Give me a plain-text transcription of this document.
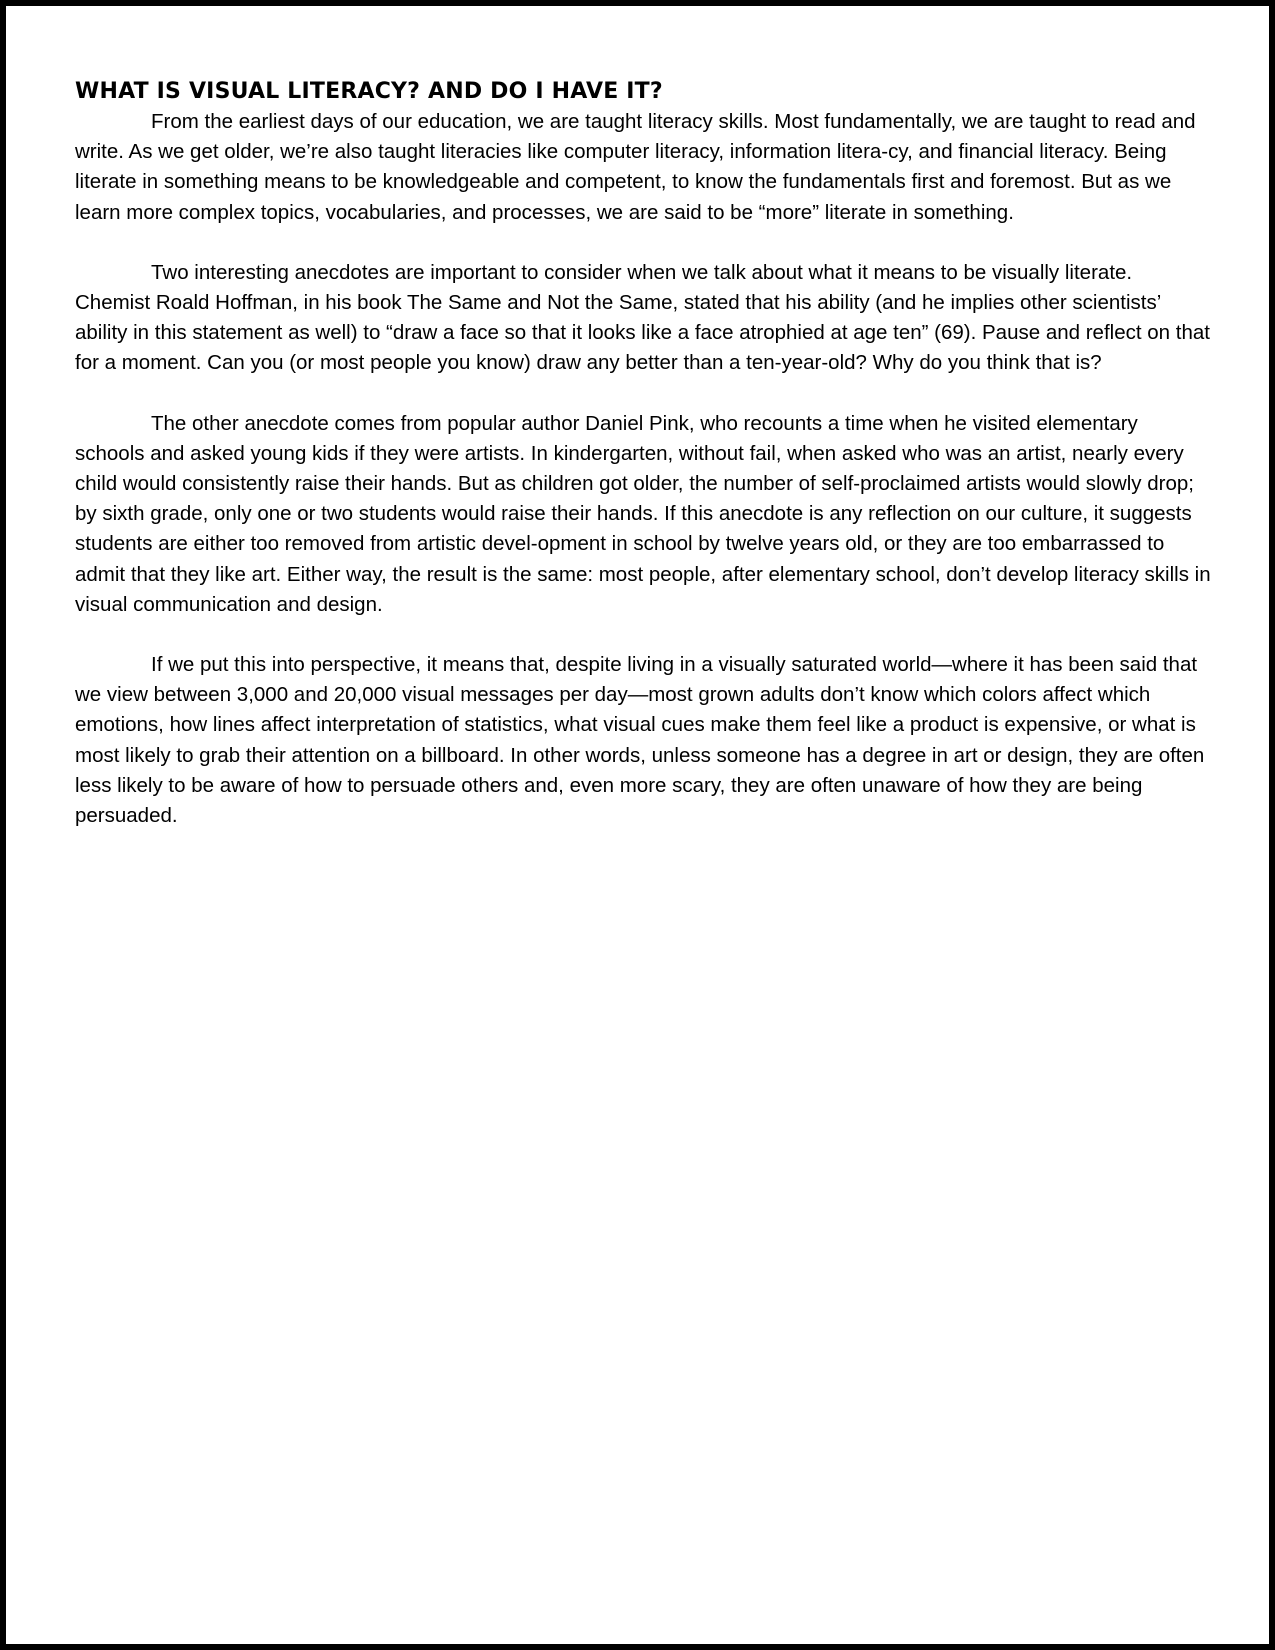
WHAT IS VISUAL LITERACY? AND DO I HAVE IT?

From the earliest days of our education, we are taught literacy skills. Most fundamentally, we are taught to read and write. As we get older, we’re also taught literacies like computer literacy, information litera-cy, and financial literacy. Being literate in something means to be knowledgeable and competent, to know the fundamentals first and foremost. But as we learn more complex topics, vocabularies, and processes, we are said to be “more” literate in something.

Two interesting anecdotes are important to consider when we talk about what it means to be visually literate. Chemist Roald Hoffman, in his book The Same and Not the Same, stated that his ability (and he implies other scientists’ ability in this statement as well) to “draw a face so that it looks like a face atrophied at age ten” (69). Pause and reflect on that for a moment. Can you (or most people you know) draw any better than a ten-year-old? Why do you think that is?

The other anecdote comes from popular author Daniel Pink, who recounts a time when he visited elementary schools and asked young kids if they were artists. In kindergarten, without fail, when asked who was an artist, nearly every child would consistently raise their hands. But as children got older, the number of self-proclaimed artists would slowly drop; by sixth grade, only one or two students would raise their hands. If this anecdote is any reflection on our culture, it suggests students are either too removed from artistic devel-opment in school by twelve years old, or they are too embarrassed to admit that they like art. Either way, the result is the same: most people, after elementary school, don’t develop literacy skills in visual communication and design.

If we put this into perspective, it means that, despite living in a visually saturated world—where it has been said that we view between 3,000 and 20,000 visual messages per day—most grown adults don’t know which colors affect which emotions, how lines affect interpretation of statistics, what visual cues make them feel like a product is expensive, or what is most likely to grab their attention on a billboard. In other words, unless someone has a degree in art or design, they are often less likely to be aware of how to persuade others and, even more scary, they are often unaware of how they are being persuaded.
